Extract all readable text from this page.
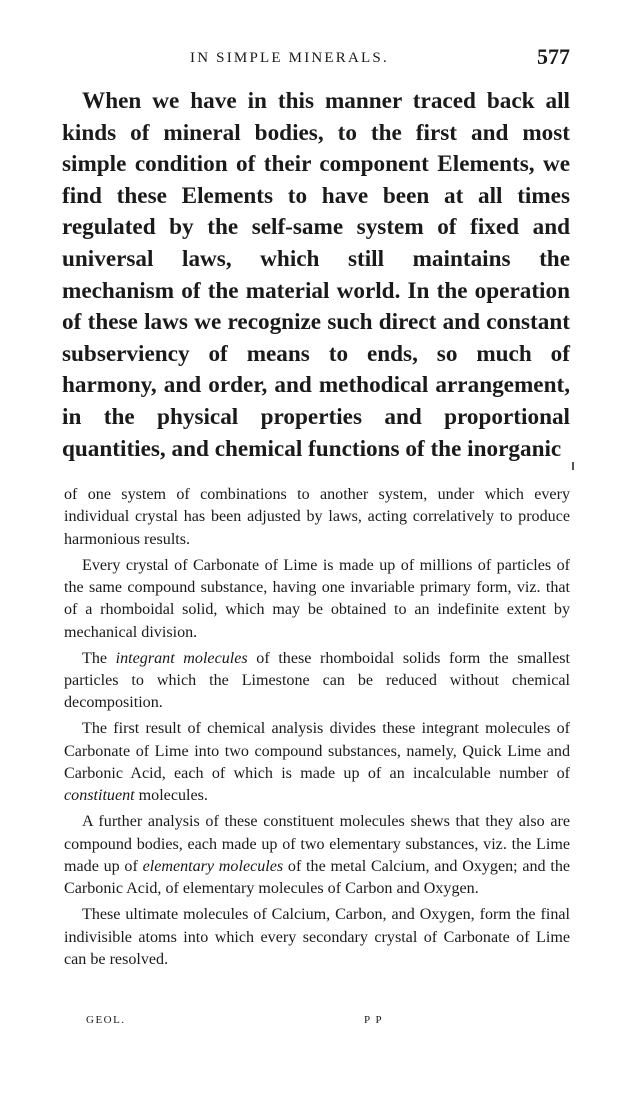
IN SIMPLE MINERALS.	577
When we have in this manner traced back all kinds of mineral bodies, to the first and most simple condition of their component Elements, we find these Elements to have been at all times regulated by the self-same system of fixed and universal laws, which still maintains the mechanism of the material world. In the operation of these laws we recognize such direct and constant subserviency of means to ends, so much of harmony, and order, and methodical arrangement, in the physical properties and proportional quantities, and chemical functions of the inorganic

of one system of combinations to another system, under which every individual crystal has been adjusted by laws, acting correlatively to produce harmonious results.

Every crystal of Carbonate of Lime is made up of millions of particles of the same compound substance, having one invariable primary form, viz. that of a rhomboidal solid, which may be obtained to an indefinite extent by mechanical division.

The integrant molecules of these rhomboidal solids form the smallest particles to which the Limestone can be reduced without chemical decomposition.

The first result of chemical analysis divides these integrant molecules of Carbonate of Lime into two compound substances, namely, Quick Lime and Carbonic Acid, each of which is made up of an incalculable number of constituent molecules.

A further analysis of these constituent molecules shews that they also are compound bodies, each made up of two elementary substances, viz. the Lime made up of elementary molecules of the metal Calcium, and Oxygen; and the Carbonic Acid, of elementary molecules of Carbon and Oxygen.

These ultimate molecules of Calcium, Carbon, and Oxygen, form the final indivisible atoms into which every secondary crystal of Carbonate of Lime can be resolved.

GEOL.	P P
